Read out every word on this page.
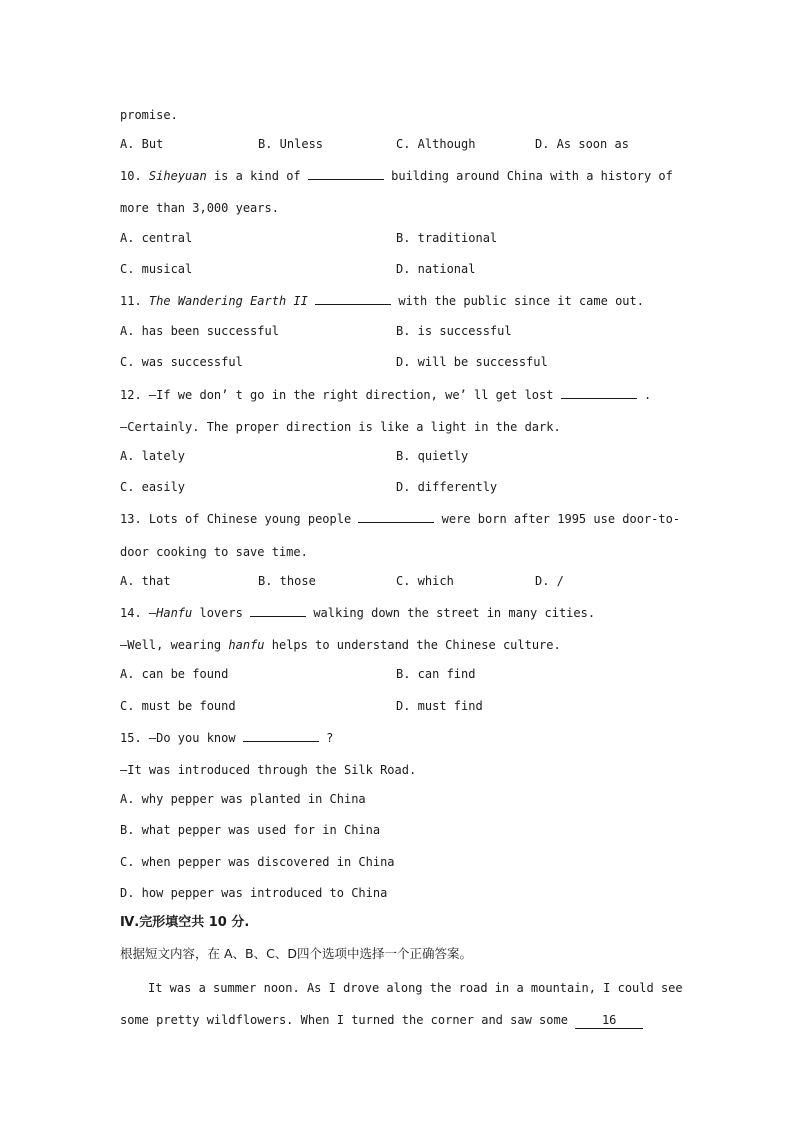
promise.
A. But	B. Unless	C. Although	D. As soon as
10. Siheyuan is a kind of	building around China with a history of
more than 3,000 years.
A. central	B. traditional
C. musical	D. national
11. The Wandering Earth II	with the public since it came out.
A. has been successful	B. is successful
C. was successful	D. will be successful
12. —If we don’ t go in the right direction, we’ ll get lost	.
—Certainly. The proper direction is like a light in the dark.
A. lately	B. quietly
C. easily	D. differently
13. Lots of Chinese young people	were born after 1995 use door-to-
door cooking to save time.
A. that	B. those	C. which	D. /
14. —Hanfu lovers	walking down the street in many cities.
—Well, wearing hanfu helps to understand the Chinese culture.
A. can be found	B. can find
C. must be found	D. must find
15. —Do you know	?
—It was introduced through the Silk Road.
A. why pepper was planted in China
B. what pepper was used for in China
C. when pepper was discovered in China
D. how pepper was introduced to China
Ⅳ.完形填空共 10 分.
根据短文内容，在 A、B、C、D四个选项中选择一个正确答案。
It was a summer noon. As I drove along the road in a mountain, I could see
some pretty wildflowers. When I turned the corner and saw some	16
